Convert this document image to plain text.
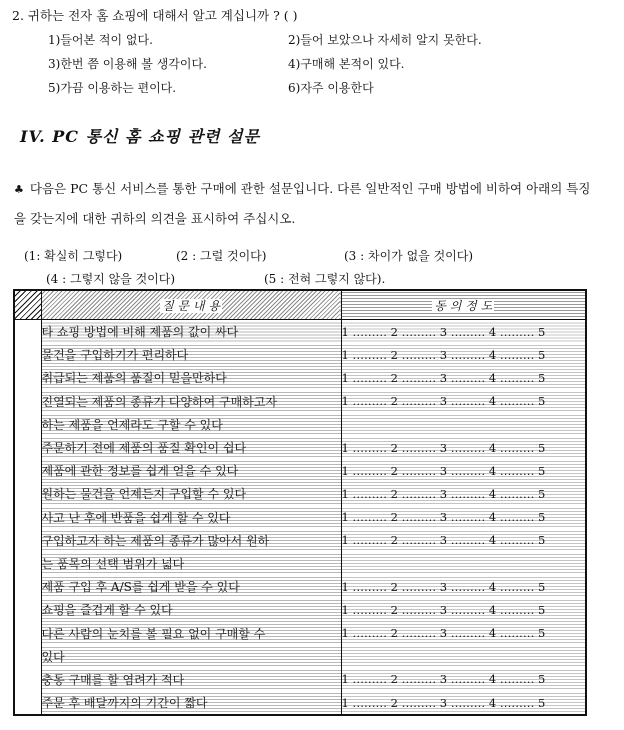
2. 귀하는 전자 홈 쇼핑에 대해서 알고 계십니까 ? ( )
1)들어본 적이 없다.	2)들어 보았으나 자세히 알지 못한다.
3)한번 쯤 이용해 볼 생각이다.	4)구매해 본적이 있다.
5)가끔 이용하는 편이다.	6)자주 이용한다
IV. PC 통신 홈 쇼핑 관련 설문
♣ 다음은 PC 통신 서비스를 통한 구매에 관한 설문입니다. 다른 일반적인 구매 방법에 비하여 아래의 특징을 갖는지에 대한 귀하의 의견을 표시하여 주십시오.
(1: 확실히 그렇다)	(2 : 그럴 것이다)	(3 : 차이가 없을 것이다)
(4 : 그렇지 않을 것이다)	(5 : 전혀 그렇지 않다).
	질 문 내 용	동 의 정 도
	타 쇼핑 방법에 비해 제품의 값이 싸다	1 ……… 2 ……… 3 ……… 4 ……… 5
	물건을 구입하기가 편리하다	1 ……… 2 ……… 3 ……… 4 ……… 5
	취급되는 제품의 품질이 믿을만하다	1 ……… 2 ……… 3 ……… 4 ……… 5
	진열되는 제품의 종류가 다양하여 구매하고자	1 ……… 2 ……… 3 ……… 4 ……… 5
	하는 제품을 언제라도 구할 수 있다	
	주문하기 전에 제품의 품질 확인이 쉽다	1 ……… 2 ……… 3 ……… 4 ……… 5
	제품에 관한 정보를 쉽게 얻을 수 있다	1 ……… 2 ……… 3 ……… 4 ……… 5
	원하는 물건을 언제든지 구입할 수 있다	1 ……… 2 ……… 3 ……… 4 ……… 5
	사고 난 후에 반품을 쉽게 할 수 있다	1 ……… 2 ……… 3 ……… 4 ……… 5
	구입하고자 하는 제품의 종류가 많아서 원하	1 ……… 2 ……… 3 ……… 4 ……… 5
	는 품목의 선택 범위가 넓다	
	제품 구입 후 A/S를 쉽게 받을 수 있다	1 ……… 2 ……… 3 ……… 4 ……… 5
	쇼핑을 즐겁게 할 수 있다	1 ……… 2 ……… 3 ……… 4 ……… 5
	다른 사람의 눈치를 볼 필요 없이 구매할 수	1 ……… 2 ……… 3 ……… 4 ……… 5
	있다	
	충동 구매를 할 염려가 적다	1 ……… 2 ……… 3 ……… 4 ……… 5
	주문 후 배달까지의 기간이 짧다	1 ……… 2 ……… 3 ……… 4 ……… 5
